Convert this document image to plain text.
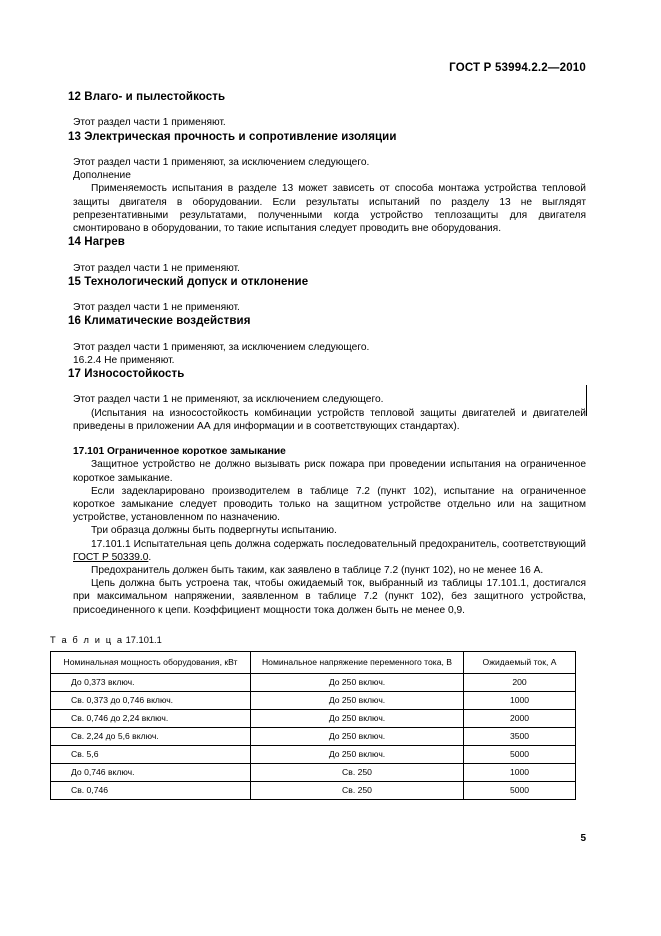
ГОСТ Р 53994.2.2—2010
12 Влаго- и пылестойкость

Этот раздел части 1 применяют.

13 Электрическая прочность и сопротивление изоляции

Этот раздел части 1 применяют, за исключением следующего.

Дополнение

Применяемость испытания в разделе 13 может зависеть от способа монтажа устройства тепловой защиты двигателя в оборудовании. Если результаты испытаний по разделу 13 не выглядят репрезентативными результатами, полученными когда устройство теплозащиты для двигателя смонтировано в оборудовании, то такие испытания следует проводить вне оборудования.

14 Нагрев

Этот раздел части 1 не применяют.

15 Технологический допуск и отклонение

Этот раздел части 1 не применяют.

16 Климатические воздействия

Этот раздел части 1 применяют, за исключением следующего.

16.2.4 Не применяют.

17 Износостойкость

Этот раздел части 1 не применяют, за исключением следующего.

(Испытания на износостойкость комбинации устройств тепловой защиты двигателей и двигателей приведены в приложении АА для информации и в соответствующих стандартах).

17.101 Ограниченное короткое замыкание

Защитное устройство не должно вызывать риск пожара при проведении испытания на ограниченное короткое замыкание.

Если задекларировано производителем в таблице 7.2 (пункт 102), испытание на ограниченное короткое замыкание следует проводить только на защитном устройстве отдельно или на защитном устройстве, установленном по назначению.

Три образца должны быть подвергнуты испытанию.

17.101.1 Испытательная цепь должна содержать последовательный предохранитель, соответствующий ГОСТ Р 50339.0.

Предохранитель должен быть таким, как заявлено в таблице 7.2 (пункт 102), но не менее 16 А.

Цепь должна быть устроена так, чтобы ожидаемый ток, выбранный из таблицы 17.101.1, достигался при максимальном напряжении, заявленном в таблице 7.2 (пункт 102), без защитного устройства, присоединенного к цепи. Коэффициент мощности тока должен быть не менее 0,9.

Т а б л и ц а 17.101.1

Номинальная мощность оборудования, кВт	Номинальное напряжение переменного тока, В	Ожидаемый ток, А
До 0,373 включ.	До 250 включ.	200
Св. 0,373 до 0,746 включ.	До 250 включ.	1000
Св. 0,746 до 2,24 включ.	До 250 включ.	2000
Св. 2,24 до 5,6 включ.	До 250 включ.	3500
Св. 5,6	До 250 включ.	5000
До 0,746 включ.	Св. 250	1000
Св. 0,746	Св. 250	5000
5
